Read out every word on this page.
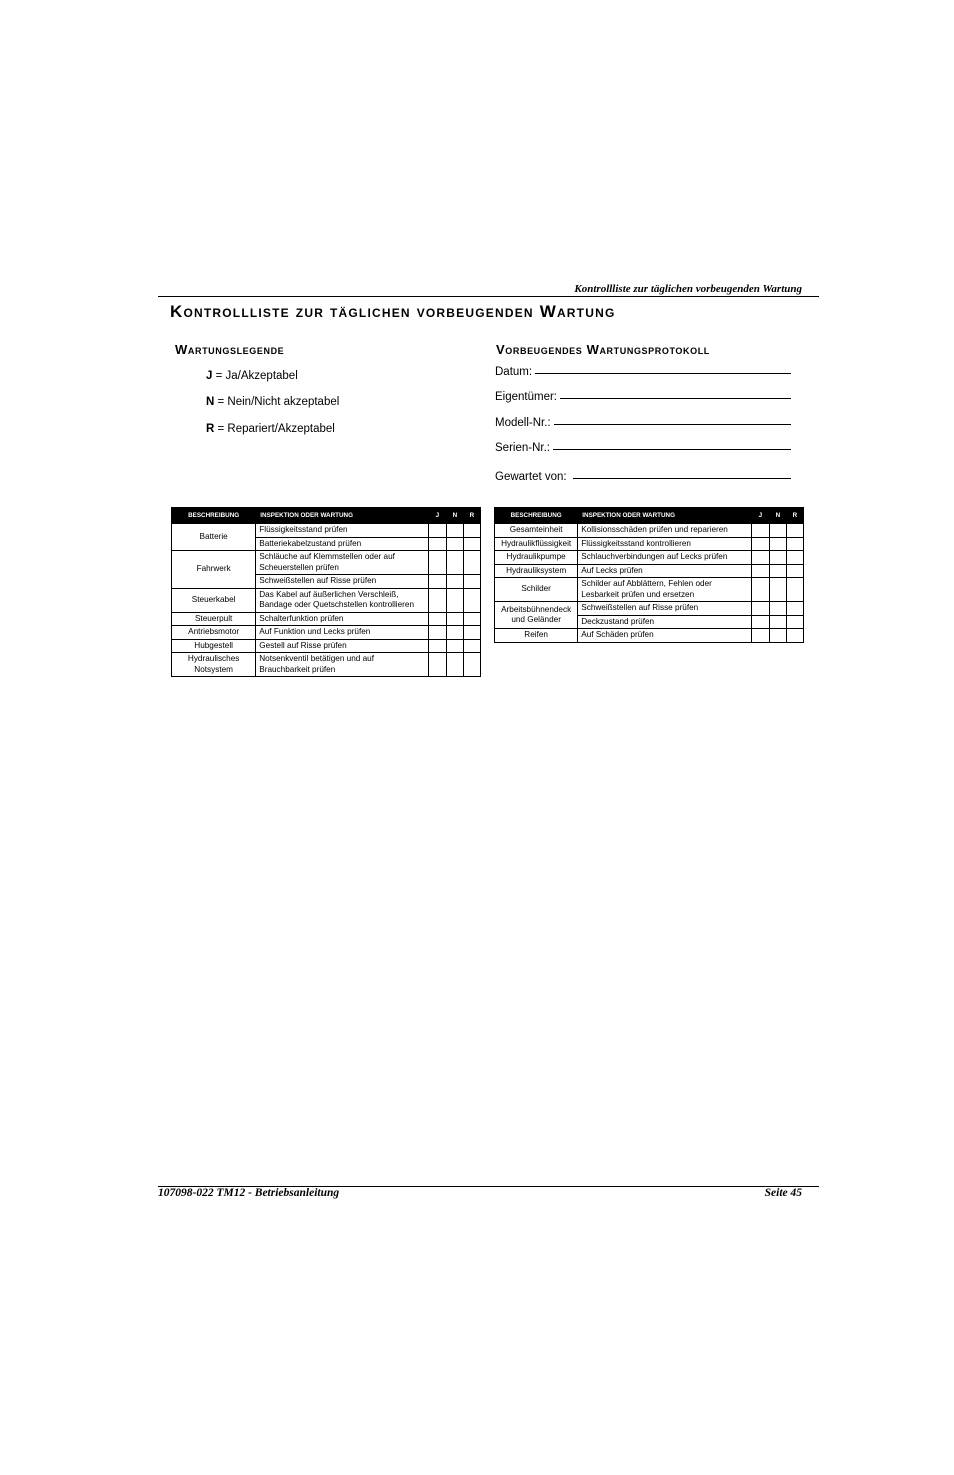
Kontrollliste zur täglichen vorbeugenden Wartung
Kontrollliste zur täglichen vorbeugenden Wartung
Wartungslegende
J = Ja/Akzeptabel
N = Nein/Nicht akzeptabel
R = Repariert/Akzeptabel
Vorbeugendes Wartungsprotokoll
Datum:
Eigentümer:
Modell-Nr.:
Serien-Nr.:
Gewartet von:
BESCHREIBUNG	INSPEKTION ODER WARTUNG	J	N	R
Batterie	Flüssigkeitsstand prüfen			
	Batteriekabelzustand prüfen			
Fahrwerk	Schläuche auf Klemmstellen oder auf Scheuerstellen prüfen			
	Schweißstellen auf Risse prüfen			
Steuerkabel	Das Kabel auf äußerlichen Verschleiß, Bandage oder Quetschstellen kontrollieren			
Steuerpult	Schalterfunktion prüfen			
Antriebsmotor	Auf Funktion und Lecks prüfen			
Hubgestell	Gestell auf Risse prüfen			
Hydraulisches Notsystem	Notsenkventil betätigen und auf Brauchbarkeit prüfen			
BESCHREIBUNG	INSPEKTION ODER WARTUNG	J	N	R
Gesamteinheit	Kollisionsschäden prüfen und reparieren			
Hydraulikflüssigkeit	Flüssigkeitsstand kontrollieren			
Hydraulikpumpe	Schlauchverbindungen auf Lecks prüfen			
Hydrauliksystem	Auf Lecks prüfen			
Schilder	Schilder auf Abblättern, Fehlen oder Lesbarkeit prüfen und ersetzen			
Arbeitsbühnendeck und Geländer	Schweißstellen auf Risse prüfen			
	Deckzustand prüfen			
Reifen	Auf Schäden prüfen			
107098-022 TM12 - Betriebsanleitung	Seite 45
